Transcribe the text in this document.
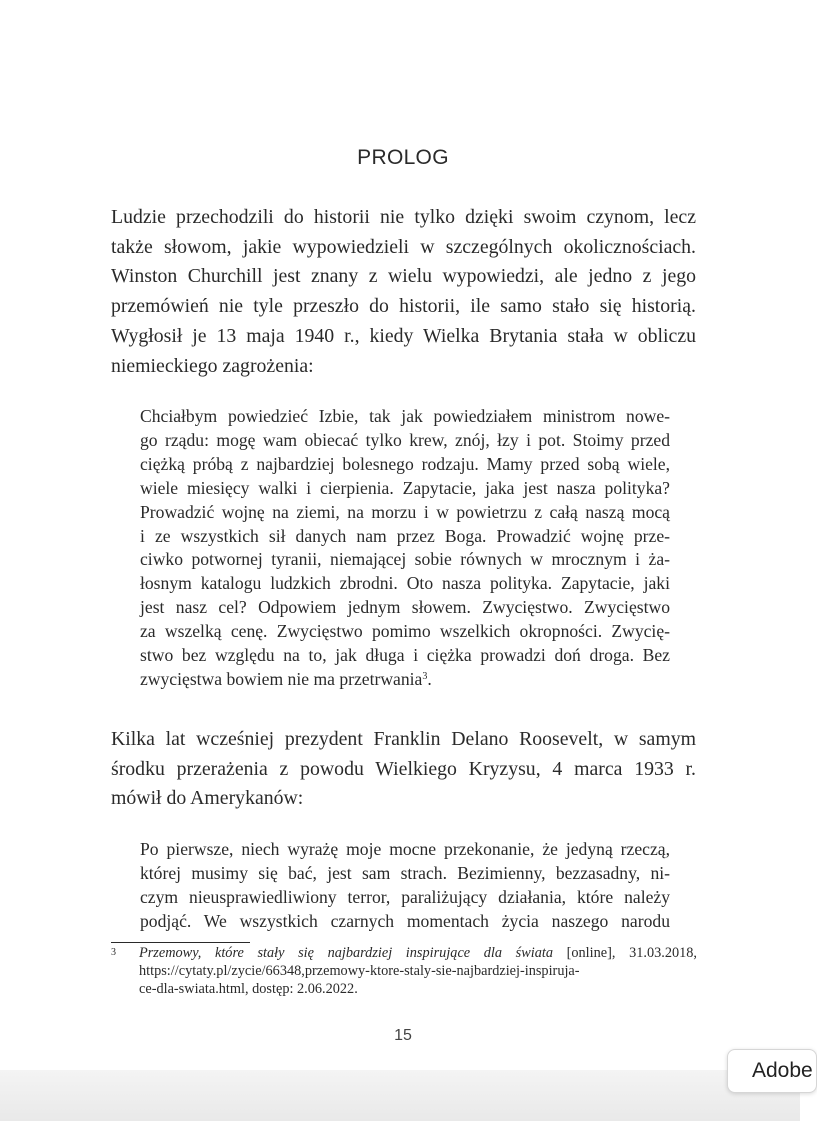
PROLOG
Ludzie przechodzili do historii nie tylko dzięki swoim czynom, lecz
także słowom, jakie wypowiedzieli w szczególnych okolicznościach.
Winston Churchill jest znany z wielu wypowiedzi, ale jedno z jego
przemówień nie tyle przeszło do historii, ile samo stało się historią.
Wygłosił je 13 maja 1940 r., kiedy Wielka Brytania stała w obliczu
niemieckiego zagrożenia:
Chciałbym powiedzieć Izbie, tak jak powiedziałem ministrom nowe-
go rządu: mogę wam obiecać tylko krew, znój, łzy i pot. Stoimy przed
ciężką próbą z najbardziej bolesnego rodzaju. Mamy przed sobą wiele,
wiele miesięcy walki i cierpienia. Zapytacie, jaka jest nasza polityka?
Prowadzić wojnę na ziemi, na morzu i w powietrzu z całą naszą mocą
i ze wszystkich sił danych nam przez Boga. Prowadzić wojnę prze-
ciwko potwornej tyranii, niemającej sobie równych w mrocznym i ża-
łosnym katalogu ludzkich zbrodni. Oto nasza polityka. Zapytacie, jaki
jest nasz cel? Odpowiem jednym słowem. Zwycięstwo. Zwycięstwo
za wszelką cenę. Zwycięstwo pomimo wszelkich okropności. Zwycię-
stwo bez względu na to, jak długa i ciężka prowadzi doń droga. Bez
zwycięstwa bowiem nie ma przetrwania$^3$.
Kilka lat wcześniej prezydent Franklin Delano Roosevelt, w samym
środku przerażenia z powodu Wielkiego Kryzysu, 4 marca 1933 r.
mówił do Amerykanów:
Po pierwsze, niech wyrażę moje mocne przekonanie, że jedyną rzeczą,
której musimy się bać, jest sam strach. Bezimienny, bezzasadny, ni-
czym nieusprawiedliwiony terror, paraliżujący działania, które należy
podjąć. We wszystkich czarnych momentach życia naszego narodu
3 Przemowy, które stały się najbardziej inspirujące dla świata [online], 31.03.2018,
https://cytaty.pl/zycie/66348,przemowy-ktore-staly-sie-najbardziej-inspiruja-
ce-dla-swiata.html, dostęp: 2.06.2022.
15
Adobe
